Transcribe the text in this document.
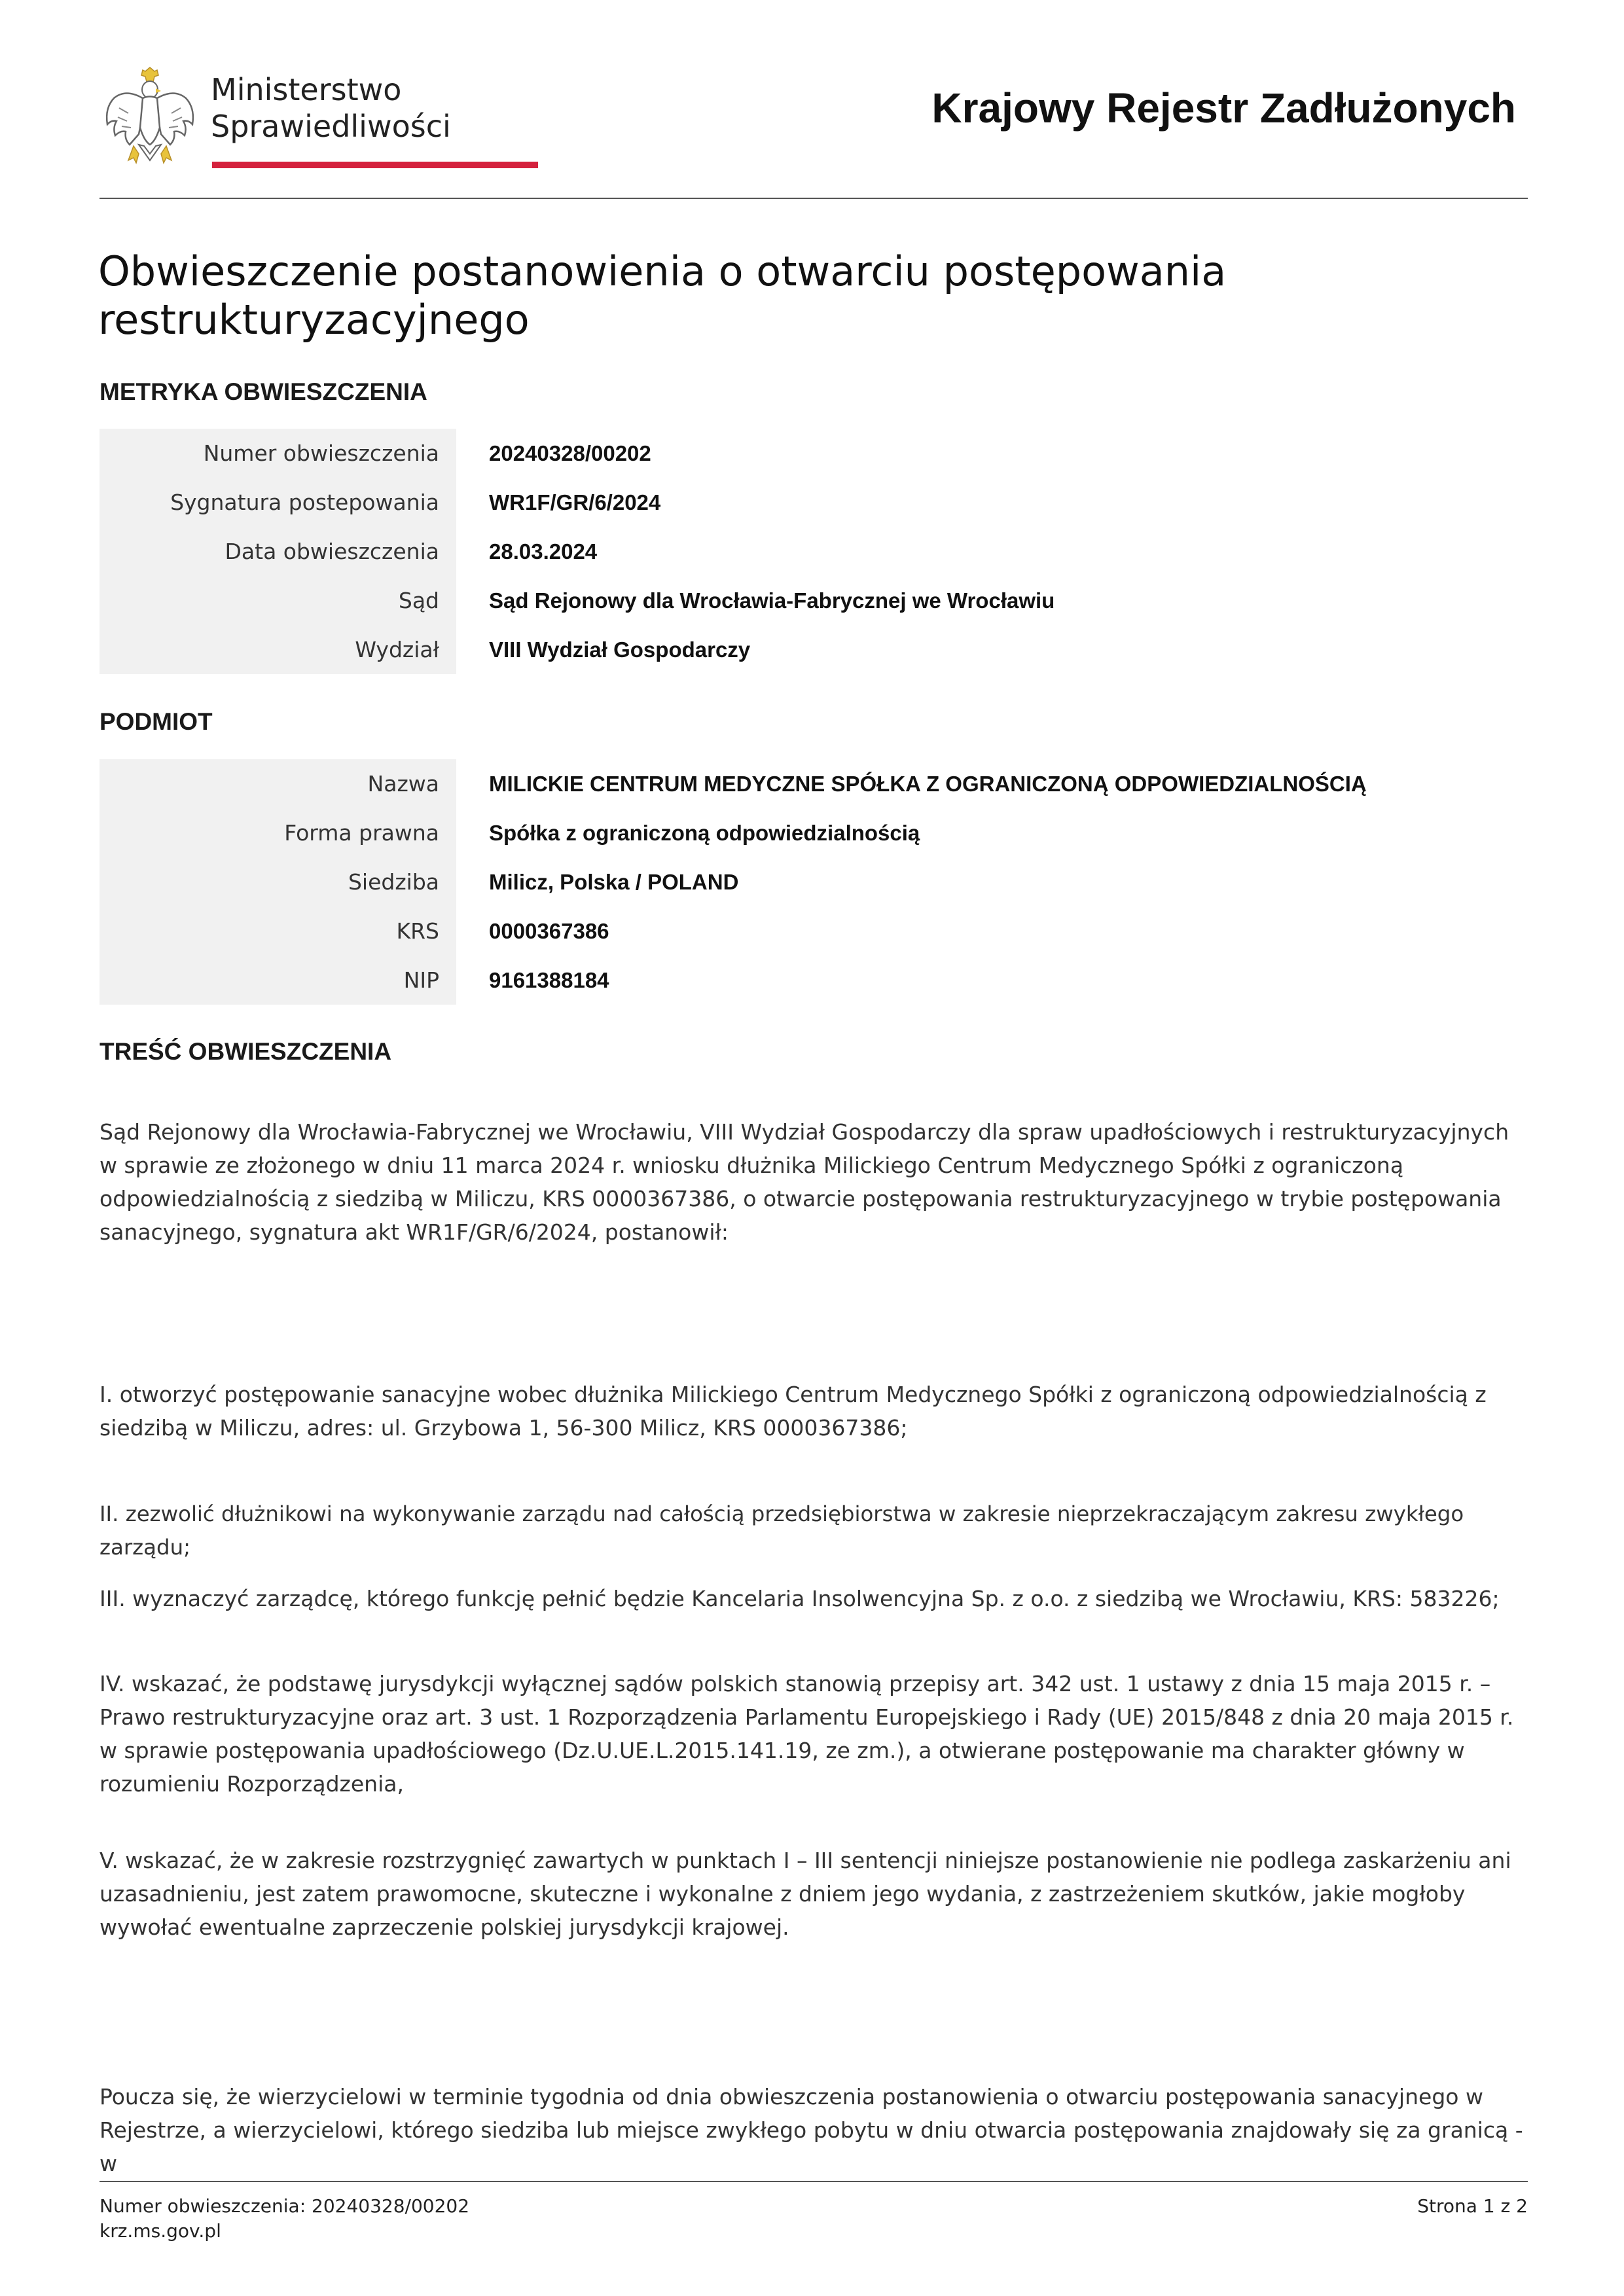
Ministerstwo
Sprawiedliwości	Krajowy Rejestr Zadłużonych
Obwieszczenie postanowienia o otwarciu postępowania restrukturyzacyjnego
METRYKA OBWIESZCZENIA
Numer obwieszczenia	20240328/00202
Sygnatura postepowania	WR1F/GR/6/2024
Data obwieszczenia	28.03.2024
Sąd	Sąd Rejonowy dla Wrocławia-Fabrycznej we Wrocławiu
Wydział	VIII Wydział Gospodarczy
PODMIOT
Nazwa	MILICKIE CENTRUM MEDYCZNE SPÓŁKA Z OGRANICZONĄ ODPOWIEDZIALNOŚCIĄ
Forma prawna	Spółka z ograniczoną odpowiedzialnością
Siedziba	Milicz, Polska / POLAND
KRS	0000367386
NIP	9161388184
TREŚĆ OBWIESZCZENIA

Sąd Rejonowy dla Wrocławia-Fabrycznej we Wrocławiu, VIII Wydział Gospodarczy dla spraw upadłościowych i restrukturyzacyjnych w sprawie ze złożonego w dniu 11 marca 2024 r. wniosku dłużnika Milickiego Centrum Medycznego Spółki z ograniczoną odpowiedzialnością z siedzibą w Miliczu, KRS 0000367386, o otwarcie postępowania restrukturyzacyjnego w trybie postępowania sanacyjnego, sygnatura akt WR1F/GR/6/2024, postanowił:

I. otworzyć postępowanie sanacyjne wobec dłużnika Milickiego Centrum Medycznego Spółki z ograniczoną odpowiedzialnością z siedzibą w Miliczu, adres: ul. Grzybowa 1, 56-300 Milicz, KRS 0000367386;

II. zezwolić dłużnikowi na wykonywanie zarządu nad całością przedsiębiorstwa w zakresie nieprzekraczającym zakresu zwykłego zarządu;

III. wyznaczyć zarządcę, którego funkcję pełnić będzie Kancelaria Insolwencyjna Sp. z o.o. z siedzibą we Wrocławiu, KRS: 583226;

IV. wskazać, że podstawę jurysdykcji wyłącznej sądów polskich stanowią przepisy art. 342 ust. 1 ustawy z dnia 15 maja 2015 r. – Prawo restrukturyzacyjne oraz art. 3 ust. 1 Rozporządzenia Parlamentu Europejskiego i Rady (UE) 2015/848 z dnia 20 maja 2015 r. w sprawie postępowania upadłościowego (Dz.U.UE.L.2015.141.19, ze zm.), a otwierane postępowanie ma charakter główny w rozumieniu Rozporządzenia,

V. wskazać, że w zakresie rozstrzygnięć zawartych w punktach I – III sentencji niniejsze postanowienie nie podlega zaskarżeniu ani uzasadnieniu, jest zatem prawomocne, skuteczne i wykonalne z dniem jego wydania, z zastrzeżeniem skutków, jakie mogłoby wywołać ewentualne zaprzeczenie polskiej jurysdykcji krajowej.

Poucza się, że wierzycielowi w terminie tygodnia od dnia obwieszczenia postanowienia o otwarciu postępowania sanacyjnego w Rejestrze, a wierzycielowi, którego siedziba lub miejsce zwykłego pobytu w dniu otwarcia postępowania znajdowały się za granicą - w

Numer obwieszczenia: 20240328/00202
krz.ms.gov.pl
Strona 1 z 2
